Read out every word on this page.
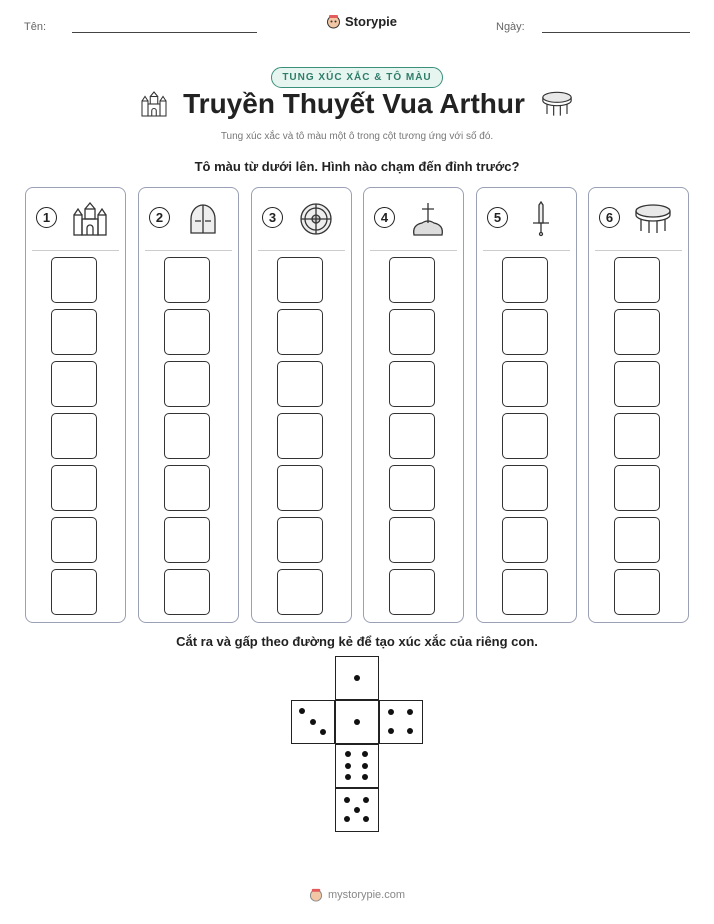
Tên:	Storypie	Ngày:
TUNG XÚC XẮC & TÔ MÀU
Truyền Thuyết Vua Arthur
Tung xúc xắc và tô màu một ô trong cột tương ứng với số đó.
Tô màu từ dưới lên. Hình nào chạm đến đỉnh trước?
1	2	3	4	5	6
Cắt ra và gấp theo đường kẻ để tạo xúc xắc của riêng con.
mystorypie.com
